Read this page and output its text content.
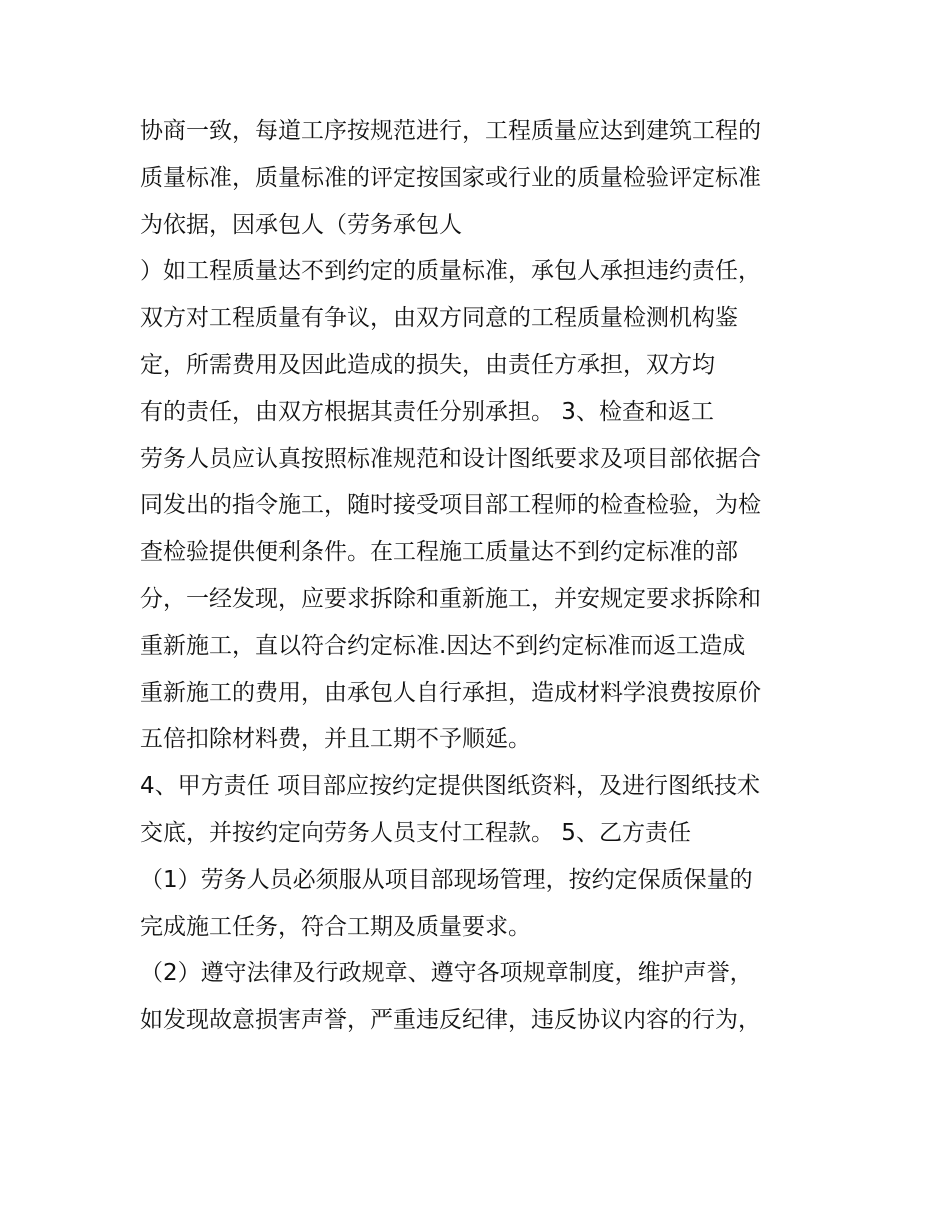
协商一致，每道工序按规范进行，工程质量应达到建筑工程的
质量标准，质量标准的评定按国家或行业的质量检验评定标准
为依据，因承包人（劳务承包人
）如工程质量达不到约定的质量标准，承包人承担违约责任，
双方对工程质量有争议，由双方同意的工程质量检测机构鉴
定，所需费用及因此造成的损失，由责任方承担，双方均
有的责任，由双方根据其责任分别承担。 3、检查和返工
劳务人员应认真按照标准规范和设计图纸要求及项目部依据合
同发出的指令施工，随时接受项目部工程师的检查检验，为检
查检验提供便利条件。在工程施工质量达不到约定标准的部
分，一经发现，应要求拆除和重新施工，并安规定要求拆除和
重新施工，直以符合约定标准.因达不到约定标准而返工造成
重新施工的费用，由承包人自行承担，造成材料学浪费按原价
五倍扣除材料费，并且工期不予顺延。
4、甲方责任 项目部应按约定提供图纸资料，及进行图纸技术
交底，并按约定向劳务人员支付工程款。 5、乙方责任
（1）劳务人员必须服从项目部现场管理，按约定保质保量的
完成施工任务，符合工期及质量要求。
（2）遵守法律及行政规章、遵守各项规章制度，维护声誉，
如发现故意损害声誉，严重违反纪律，违反协议内容的行为，
